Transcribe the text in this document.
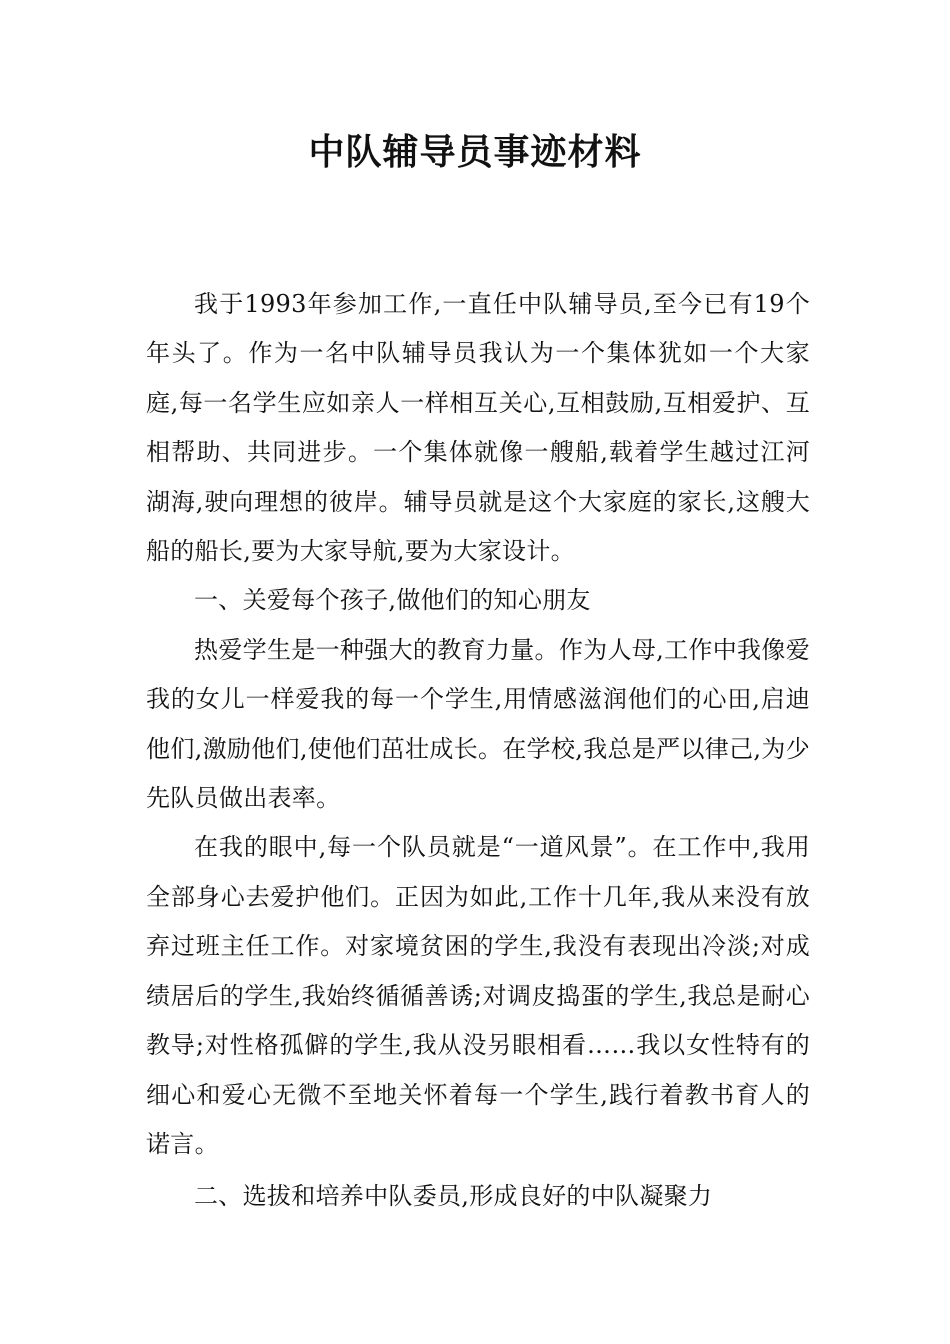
中队辅导员事迹材料

我于1993年参加工作,一直任中队辅导员,至今已有19个年头了。作为一名中队辅导员我认为一个集体犹如一个大家庭,每一名学生应如亲人一样相互关心,互相鼓励,互相爱护、互相帮助、共同进步。一个集体就像一艘船,载着学生越过江河湖海,驶向理想的彼岸。辅导员就是这个大家庭的家长,这艘大船的船长,要为大家导航,要为大家设计。

一、关爱每个孩子,做他们的知心朋友

热爱学生是一种强大的教育力量。作为人母,工作中我像爱我的女儿一样爱我的每一个学生,用情感滋润他们的心田,启迪他们,激励他们,使他们茁壮成长。在学校,我总是严以律己,为少先队员做出表率。

在我的眼中,每一个队员就是“一道风景”。在工作中,我用全部身心去爱护他们。正因为如此,工作十几年,我从来没有放弃过班主任工作。对家境贫困的学生,我没有表现出冷淡;对成绩居后的学生,我始终循循善诱;对调皮捣蛋的学生,我总是耐心教导;对性格孤僻的学生,我从没另眼相看……我以女性特有的细心和爱心无微不至地关怀着每一个学生,践行着教书育人的诺言。

二、选拔和培养中队委员,形成良好的中队凝聚力
